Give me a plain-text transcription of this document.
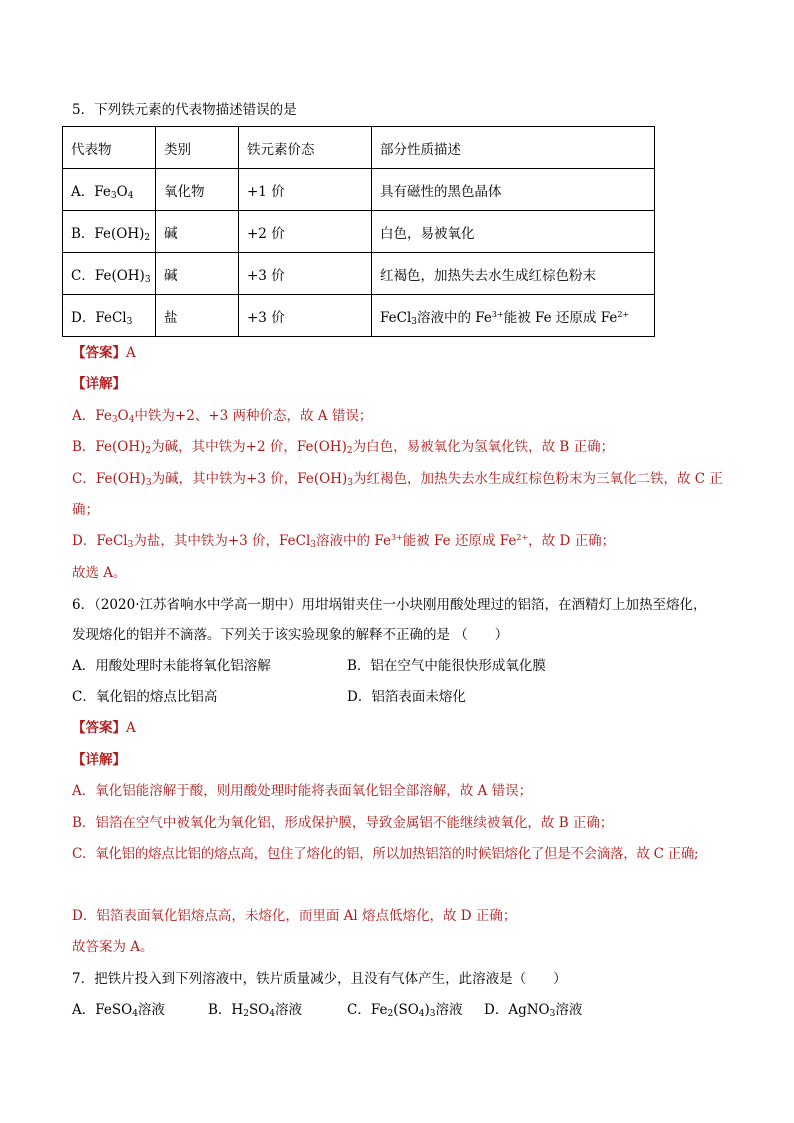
5．下列铁元素的代表物描述错误的是
代表物	类别	铁元素价态	部分性质描述
A．$Fe_3O_4$	氧化物	+1 价	具有磁性的黑色晶体
B．$Fe(OH)_2$	碱	+2 价	白色，易被氧化
C．$Fe(OH)_3$	碱	+3 价	红褐色，加热失去水生成红棕色粉末
D．FeCl$_3$	盐	+3 价	FeCl$_3$溶液中的 $Fe^{3+}$能被 Fe 还原成 $Fe^{2+}$
【答案】A
【详解】
A．$Fe_3O_4$中铁为+2、+3 两种价态，故 A 错误；
B．$Fe(OH)_2$为碱，其中铁为+2 价，$Fe(OH)_2$为白色，易被氧化为氢氧化铁，故 B 正确；
C．$Fe(OH)_3$为碱，其中铁为+3 价，$Fe(OH)_3$为红褐色，加热失去水生成红棕色粉末为三氧化二铁，故 C 正
确；
D．FeCl$_3$为盐，其中铁为+3 价，FeCl$_3$溶液中的 $Fe^{3+}$能被 Fe 还原成 $Fe^{2+}$，故 D 正确；
故选 A。
6．（2020·江苏省响水中学高一期中）用坩埚钳夹住一小块刚用酸处理过的铝箔，在酒精灯上加热至熔化，
发现熔化的铝并不滴落。下列关于该实验现象的解释不正确的是 （　　）
A．用酸处理时未能将氧化铝溶解	B．铝在空气中能很快形成氧化膜
C．氧化铝的熔点比铝高	D．铝箔表面未熔化
【答案】A
【详解】
A．氧化铝能溶解于酸，则用酸处理时能将表面氧化铝全部溶解，故 A 错误；
B．铝箔在空气中被氧化为氧化铝，形成保护膜，导致金属铝不能继续被氧化，故 B 正确；
C．氧化铝的熔点比铝的熔点高，包住了熔化的铝，所以加热铝箔的时候铝熔化了但是不会滴落，故 C 正确;
D．铝箔表面氧化铝熔点高，未熔化，而里面 Al 熔点低熔化，故 D 正确；
故答案为 A。
7．把铁片投入到下列溶液中，铁片质量减少，且没有气体产生，此溶液是（　　）
A．FeSO$_4$溶液	B．$H_2SO_4$溶液	C．$Fe_2(SO_4)_3$溶液 D．AgNO$_3$溶液
